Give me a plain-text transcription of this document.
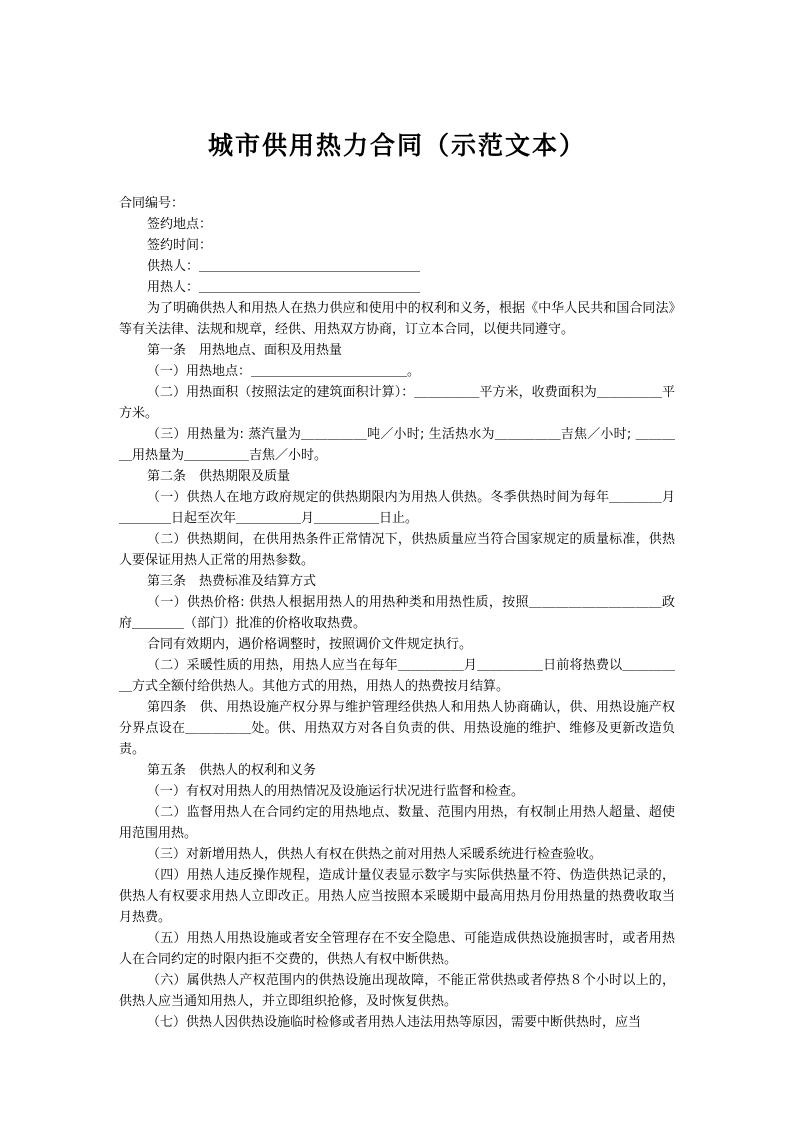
城市供用热力合同（示范文本）

合同编号：

签约地点：

签约时间：

供热人：＿＿＿＿＿＿＿＿＿＿＿＿＿＿＿＿＿

用热人：＿＿＿＿＿＿＿＿＿＿＿＿＿＿＿＿＿

为了明确供热人和用热人在热力供应和使用中的权利和义务，根据《中华人民共和国合同法》等有关法律、法规和规章，经供、用热双方协商，订立本合同，以便共同遵守。

第一条　用热地点、面积及用热量

（一）用热地点：＿＿＿＿＿＿＿＿＿＿＿＿。

（二）用热面积（按照法定的建筑面积计算）：＿＿＿＿＿平方米，收费面积为＿＿＿＿＿平方米。

（三）用热量为: 蒸汽量为＿＿＿＿＿吨／小时; 生活热水为＿＿＿＿＿吉焦／小时; ＿＿＿＿用热量为＿＿＿＿＿吉焦／小时。

第二条　供热期限及质量

（一）供热人在地方政府规定的供热期限内为用热人供热。冬季供热时间为每年＿＿＿＿月＿＿＿＿日起至次年＿＿＿＿＿月＿＿＿＿＿日止。

（二）供热期间，在供用热条件正常情况下，供热质量应当符合国家规定的质量标准，供热人要保证用热人正常的用热参数。

第三条　热费标准及结算方式

（一）供热价格: 供热人根据用热人的用热种类和用热性质，按照＿＿＿＿＿＿＿＿＿＿政府＿＿＿＿（部门）批准的价格收取热费。

合同有效期内，遇价格调整时，按照调价文件规定执行。

（二）采暖性质的用热，用热人应当在每年＿＿＿＿＿月＿＿＿＿＿日前将热费以＿＿＿＿＿方式全额付给供热人。其他方式的用热，用热人的热费按月结算。

第四条　供、用热设施产权分界与维护管理经供热人和用热人协商确认，供、用热设施产权分界点设在＿＿＿＿＿处。供、用热双方对各自负责的供、用热设施的维护、维修及更新改造负责。

第五条　供热人的权利和义务

（一）有权对用热人的用热情况及设施运行状况进行监督和检查。

（二）监督用热人在合同约定的用热地点、数量、范围内用热，有权制止用热人超量、超使用范围用热。

（三）对新增用热人，供热人有权在供热之前对用热人采暖系统进行检查验收。

（四）用热人违反操作规程，造成计量仪表显示数字与实际供热量不符、伪造供热记录的，供热人有权要求用热人立即改正。用热人应当按照本采暖期中最高用热月份用热量的热费收取当月热费。

（五）用热人用热设施或者安全管理存在不安全隐患、可能造成供热设施损害时，或者用热人在合同约定的时限内拒不交费的，供热人有权中断供热。

（六）属供热人产权范围内的供热设施出现故障，不能正常供热或者停热８个小时以上的，供热人应当通知用热人，并立即组织抢修，及时恢复供热。

（七）供热人因供热设施临时检修或者用热人违法用热等原因，需要中断供热时，应当
